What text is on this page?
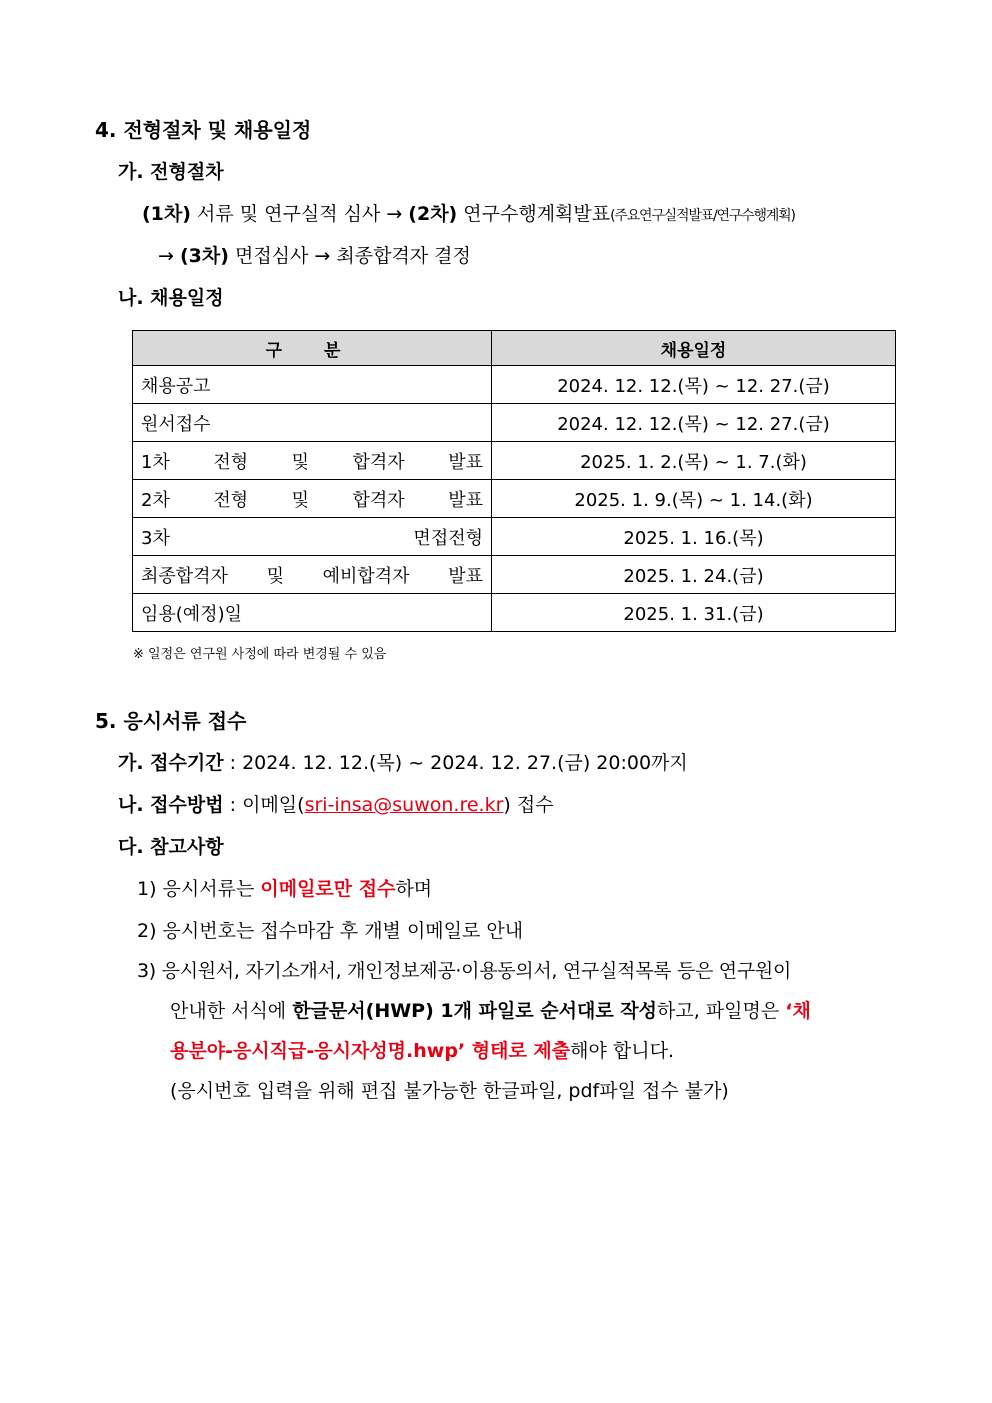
4. 전형절차 및 채용일정
가. 전형절차
(1차) 서류 및 연구실적 심사 → (2차) 연구수행계획발표(주요연구실적발표/연구수행계획)
→ (3차) 면접심사 → 최종합격자 결정
나. 채용일정
구 분	채용일정
채용공고	2024. 12. 12.(목) ~ 12. 27.(금)
원서접수	2024. 12. 12.(목) ~ 12. 27.(금)
1차 전형 및 합격자 발표	2025. 1. 2.(목) ~ 1. 7.(화)
2차 전형 및 합격자 발표	2025. 1. 9.(목) ~ 1. 14.(화)
3차 면접전형	2025. 1. 16.(목)
최종합격자 및 예비합격자 발표	2025. 1. 24.(금)
임용(예정)일	2025. 1. 31.(금)
※ 일정은 연구원 사정에 따라 변경될 수 있음
5. 응시서류 접수
가. 접수기간 : 2024. 12. 12.(목) ~ 2024. 12. 27.(금) 20:00까지
나. 접수방법 : 이메일(sri-insa@suwon.re.kr) 접수
다. 참고사항
1) 응시서류는 이메일로만 접수하며
2) 응시번호는 접수마감 후 개별 이메일로 안내
3) 응시원서, 자기소개서, 개인정보제공·이용동의서, 연구실적목록 등은 연구원이
안내한 서식에 한글문서(HWP) 1개 파일로 순서대로 작성하고, 파일명은 ‘채
용분야-응시직급-응시자성명.hwp’ 형태로 제출해야 합니다.
(응시번호 입력을 위해 편집 불가능한 한글파일, pdf파일 접수 불가)
